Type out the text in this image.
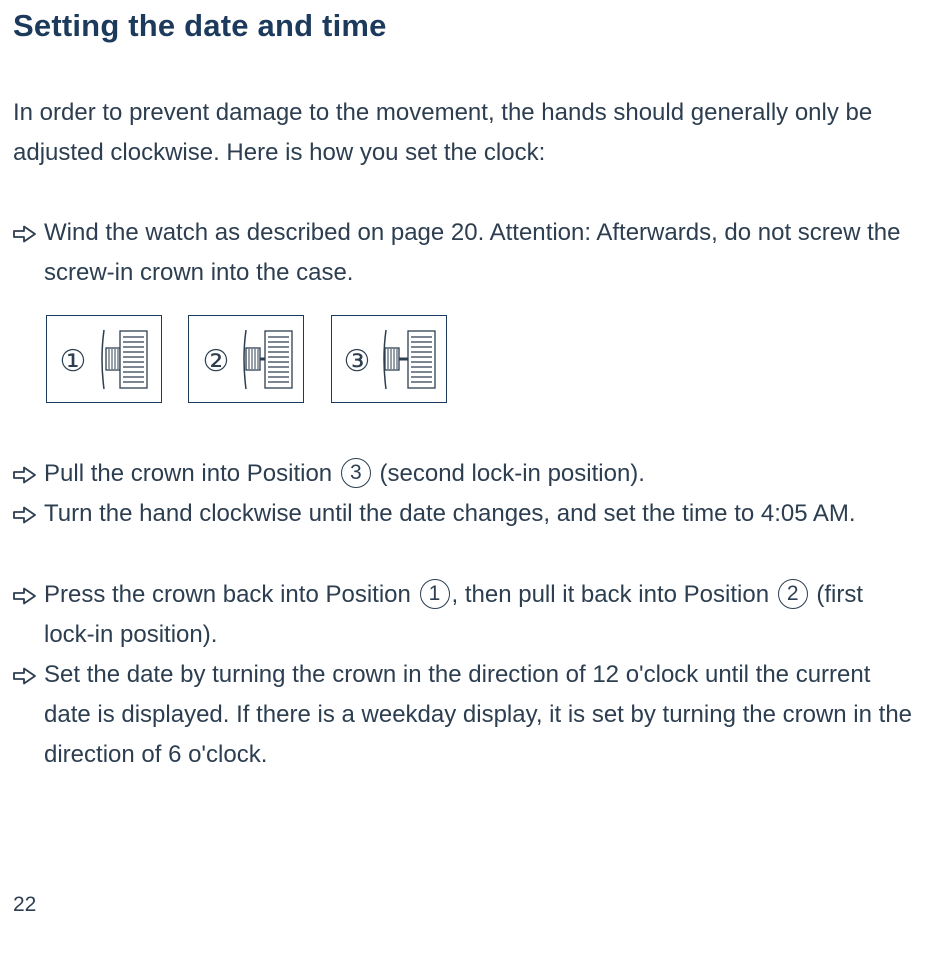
Setting the date and time

In order to prevent damage to the movement, the hands should generally only be adjusted clockwise. Here is how you set the clock:

Wind the watch as described on page 20. Attention: Afterwards, do not screw the screw-in crown into the case.
①	②	③
Pull the crown into Position 3 (second lock-in position).
Turn the hand clockwise until the date changes, and set the time to 4:05 AM.
Press the crown back into Position 1 , then pull it back into Position 2 (first lock-in position).
Set the date by turning the crown in the direction of 12 o'clock until the current date is displayed. If there is a weekday display, it is set by turning the crown in the direction of 6 o'clock.
22
